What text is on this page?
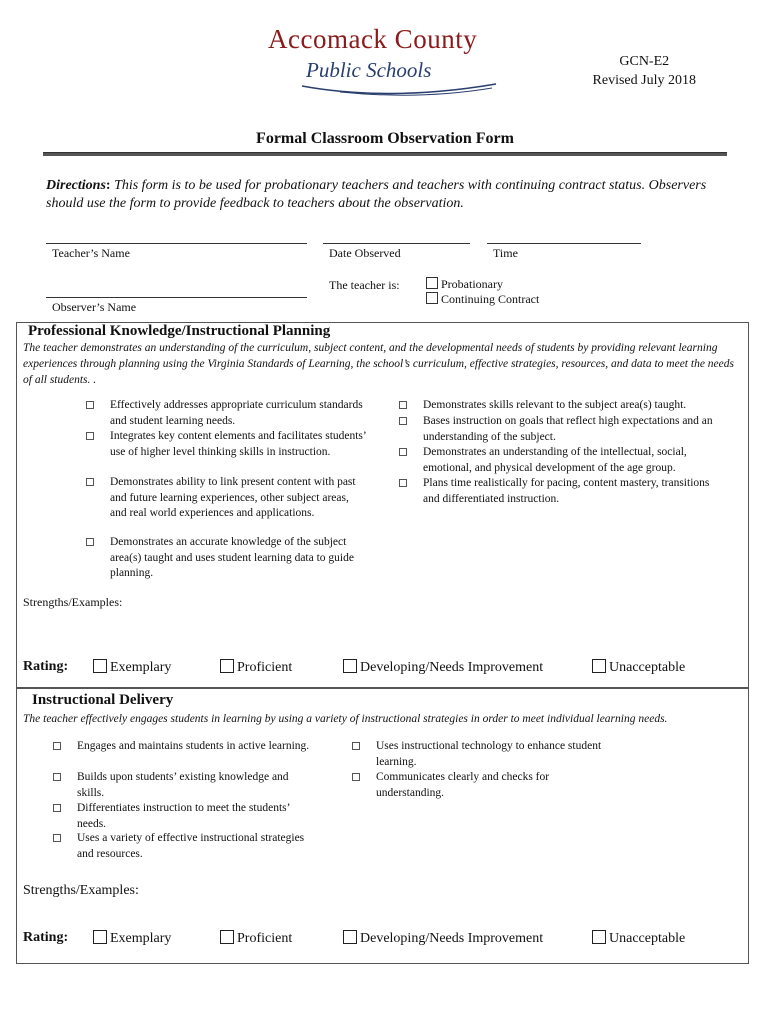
Accomack County
Public Schools	GCN-E2
Revised July 2018
Formal Classroom Observation Form
Directions: This form is to be used for probationary teachers and teachers with continuing contract status. Observers should use the form to provide feedback to teachers about the observation.
Teacher’s Name	Date Observed	Time
The teacher is:	Probationary
Continuing Contract
Observer’s Name
Professional Knowledge/Instructional Planning
The teacher demonstrates an understanding of the curriculum, subject content, and the developmental needs of students by providing relevant learning experiences through planning using the Virginia Standards of Learning, the school’s curriculum, effective strategies, resources, and data to meet the needs of all students. .
Effectively addresses appropriate curriculum standards and student learning needs.
Integrates key content elements and facilitates students’ use of higher level thinking skills in instruction.
Demonstrates ability to link present content with past and future learning experiences, other subject areas, and real world experiences and applications.
Demonstrates an accurate knowledge of the subject area(s) taught and uses student learning data to guide planning.
Demonstrates skills relevant to the subject area(s) taught.
Bases instruction on goals that reflect high expectations and an understanding of the subject.
Demonstrates an understanding of the intellectual, social, emotional, and physical development of the age group.
Plans time realistically for pacing, content mastery, transitions and differentiated instruction.
Strengths/Examples:
Rating:	Exemplary	Proficient	Developing/Needs Improvement	Unacceptable
Instructional Delivery
The teacher effectively engages students in learning by using a variety of instructional strategies in order to meet individual learning needs.
Engages and maintains students in active learning.
Builds upon students’ existing knowledge and skills.
Differentiates instruction to meet the students’ needs.
Uses a variety of effective instructional strategies and resources.
Uses instructional technology to enhance student learning.
Communicates clearly and checks for understanding.
Strengths/Examples:
Rating:	Exemplary	Proficient	Developing/Needs Improvement	Unacceptable
